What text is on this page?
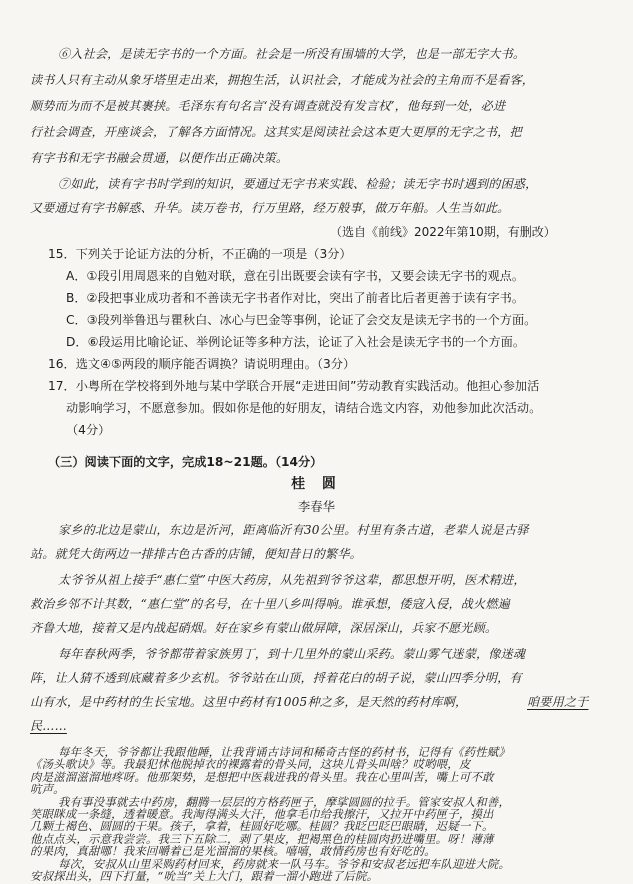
⑥入社会，是读无字书的一个方面。社会是一所没有围墙的大学，也是一部无字大书。
读书人只有主动从象牙塔里走出来，拥抱生活，认识社会，才能成为社会的主角而不是看客，
顺势而为而不是被其裹挟。毛泽东有句名言‘没有调查就没有发言权’，他每到一处，必进
行社会调查，开座谈会，了解各方面情况。这其实是阅读社会这本更大更厚的无字之书，把
有字书和无字书融会贯通，以便作出正确决策。
⑦如此，读有字书时学到的知识，要通过无字书来实践、检验；读无字书时遇到的困惑，
又要通过有字书解惑、升华。读万卷书，行万里路，经万般事，做万年船。人生当如此。
（选自《前线》2022年第10期，有删改）
15．下列关于论证方法的分析，不正确的一项是（3分）
A．①段引用周恩来的自勉对联，意在引出既要会读有字书，又要会读无字书的观点。
B．②段把事业成功者和不善读无字书者作对比，突出了前者比后者更善于读有字书。
C．③段列举鲁迅与瞿秋白、冰心与巴金等事例，论证了会交友是读无字书的一个方面。
D．⑥段运用比喻论证、举例论证等多种方法，论证了入社会是读无字书的一个方面。
16．选文④⑤两段的顺序能否调换？请说明理由。（3分）
17．小粤所在学校将到外地与某中学联合开展“走进田间”劳动教育实践活动。他担心参加活
动影响学习，不愿意参加。假如你是他的好朋友，请结合选文内容，劝他参加此次活动。
（4分）
（三）阅读下面的文字，完成18~21题。（14分）
桂 圆
李春华
家乡的北边是蒙山，东边是沂河，距离临沂有30公里。村里有条古道，老辈人说是古驿
站。就凭大街两边一排排古色古香的店铺，便知昔日的繁华。
太爷爷从祖上接手“惠仁堂”中医大药房，从先祖到爷爷这辈，都思想开明，医术精进，
救治乡邻不计其数，“惠仁堂”的名号，在十里八乡叫得响。谁承想，倭寇入侵，战火燃遍
齐鲁大地，接着又是内战起硝烟。好在家乡有蒙山做屏障，深居深山，兵家不愿光顾。
每年春秋两季，爷爷都带着家族男丁，到十几里外的蒙山采药。蒙山雾气迷蒙，像迷魂
阵，让人猜不透到底藏着多少玄机。爷爷站在山顶，捋着花白的胡子说，蒙山四季分明，有
山有水，是中药材的生长宝地。这里中药材有1005种之多，是天然的药材库啊，	咱要用之于
民……
每年冬天，爷爷都让我跟他睡，让我背诵古诗词和稀奇古怪的药材书，记得有《药性赋》
《汤头歌诀》等。我最犯怵他脱掉衣的裸露着的骨头同，这块儿骨头叫啥？哎哟喂，皮
肉是滋溜滋溜地疼呀。他那架势，是想把中医栽进我的骨头里。我在心里叫苦，嘴上可不敢
吭声。
我有事没事就去中药房，翻腾一层层的方格药匣子，摩挲圆圆的拉手。管家安叔人和善，
笑眼眯成一条缝，透着暖意。我淘得满头大汗，他拿毛巾给我擦汗，又拉开中药匣子，摸出
几颗土褐色、圆圆的干果。孩子，拿着，桂圆好吃哪。桂圆？我眨巴眨巴眼睛，迟疑一下。
他点点头，示意我尝尝。我三下五除二，剥了果皮，把褐黑色的桂圆肉扔进嘴里。呀！薄薄
的果肉，真甜哪！我来回嚼着已是光溜溜的果核。嘻嘻，敢情药房也有好吃的。
每次，安叔从山里采购药材回来，药房就来一队马车。爷爷和安叔老远把车队迎进大院。
安叔探出头，四下打量，“吮当”关上大门，跟着一溜小跑进了后院。
